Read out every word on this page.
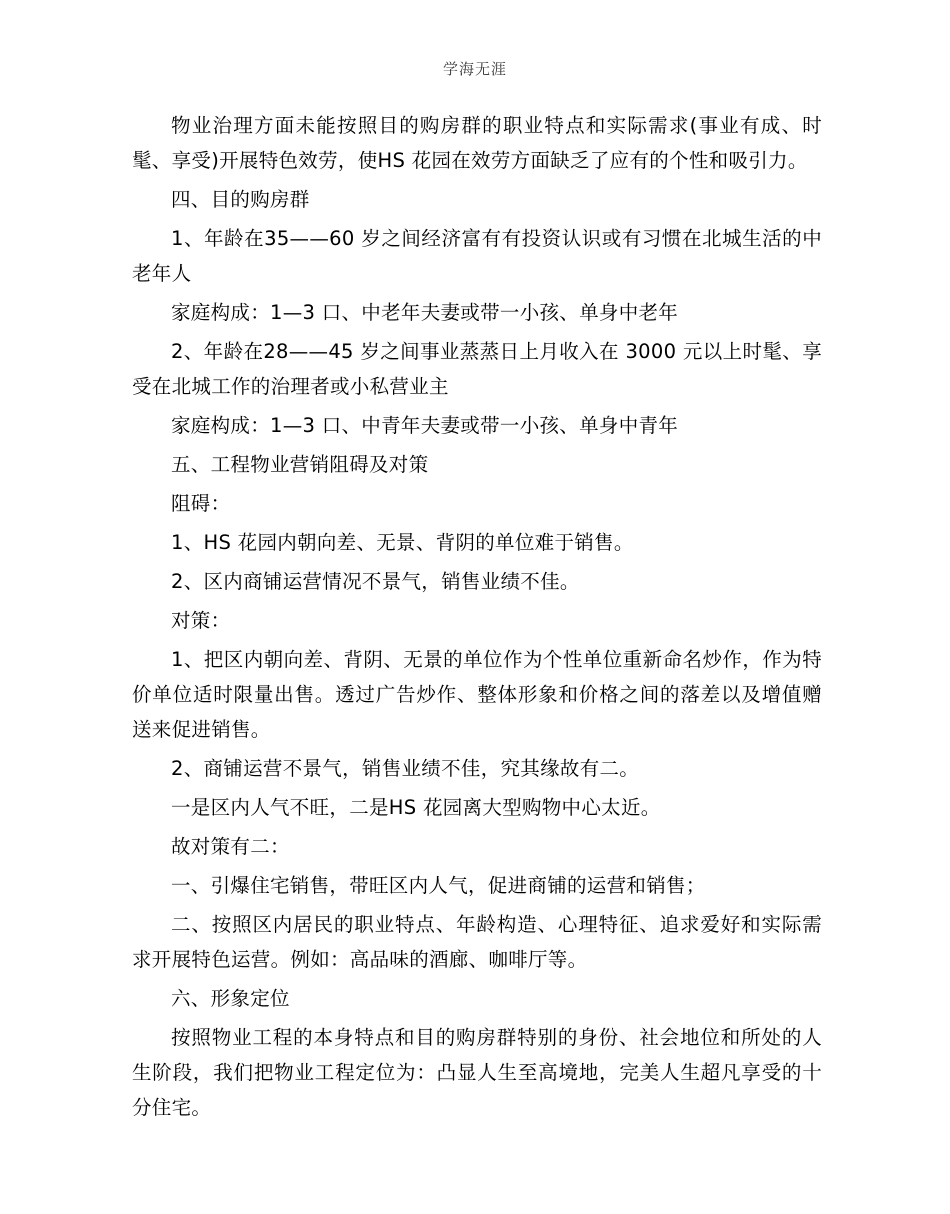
学海无涯

物业治理方面未能按照目的购房群的职业特点和实际需求(事业有成、时髦、享受)开展特色效劳，使HS 花园在效劳方面缺乏了应有的个性和吸引力。

四、目的购房群

1、年龄在35——60 岁之间经济富有有投资认识或有习惯在北城生活的中老年人

家庭构成：1—3 口、中老年夫妻或带一小孩、单身中老年

2、年龄在28——45 岁之间事业蒸蒸日上月收入在 3000 元以上时髦、享受在北城工作的治理者或小私营业主

家庭构成：1—3 口、中青年夫妻或带一小孩、单身中青年

五、工程物业营销阻碍及对策

阻碍：

1、HS 花园内朝向差、无景、背阴的单位难于销售。

2、区内商铺运营情况不景气，销售业绩不佳。

对策：

1、把区内朝向差、背阴、无景的单位作为个性单位重新命名炒作，作为特价单位适时限量出售。透过广告炒作、整体形象和价格之间的落差以及增值赠送来促进销售。

2、商铺运营不景气，销售业绩不佳，究其缘故有二。

一是区内人气不旺，二是HS 花园离大型购物中心太近。

故对策有二：

一、引爆住宅销售，带旺区内人气，促进商铺的运营和销售；

二、按照区内居民的职业特点、年龄构造、心理特征、追求爱好和实际需求开展特色运营。例如：高品味的酒廊、咖啡厅等。

六、形象定位

按照物业工程的本身特点和目的购房群特别的身份、社会地位和所处的人生阶段，我们把物业工程定位为：凸显人生至高境地，完美人生超凡享受的十分住宅。
